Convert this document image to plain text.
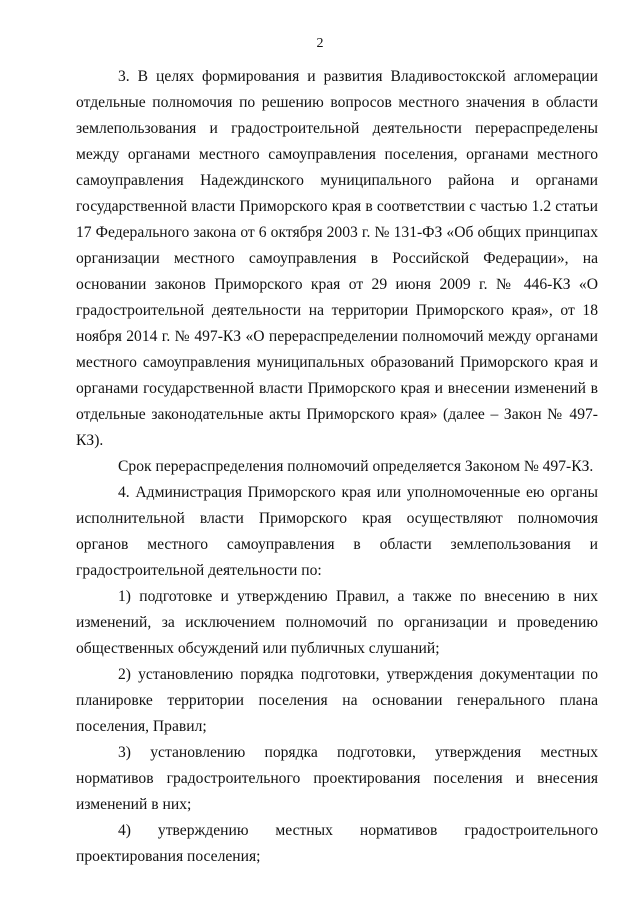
2

3. В целях формирования и развития Владивостокской агломерации отдельные полномочия по решению вопросов местного значения в области землепользования и градостроительной деятельности перераспределены между органами местного самоуправления поселения, органами местного самоуправления Надеждинского муниципального района и органами государственной власти Приморского края в соответствии с частью 1.2 статьи 17 Федерального закона от 6 октября 2003 г. № 131-ФЗ «Об общих принципах организации местного самоуправления в Российской Федерации», на основании законов Приморского края от 29 июня 2009 г. № 446-КЗ «О градостроительной деятельности на территории Приморского края», от 18 ноября 2014 г. № 497-КЗ «О перераспределении полномочий между органами местного самоуправления муниципальных образований Приморского края и органами государственной власти Приморского края и внесении изменений в отдельные законодательные акты Приморского края» (далее – Закон № 497-КЗ).

Срок перераспределения полномочий определяется Законом № 497-КЗ.

4. Администрация Приморского края или уполномоченные ею органы исполнительной власти Приморского края осуществляют полномочия органов местного самоуправления в области землепользования и градостроительной деятельности по:

1) подготовке и утверждению Правил, а также по внесению в них изменений, за исключением полномочий по организации и проведению общественных обсуждений или публичных слушаний;

2) установлению порядка подготовки, утверждения документации по планировке территории поселения на основании генерального плана поселения, Правил;

3) установлению порядка подготовки, утверждения местных нормативов градостроительного проектирования поселения и внесения изменений в них;

4) утверждению местных нормативов градостроительного проектирования поселения;
